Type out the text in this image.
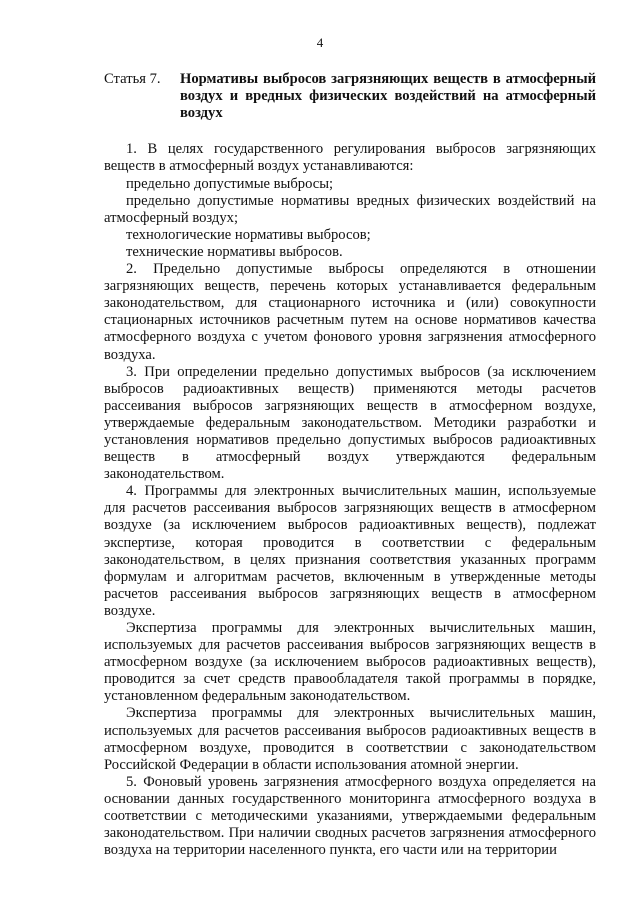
4
Статья 7.	Нормативы выбросов загрязняющих веществ в атмосферный воздух и вредных физических воздействий на атмосферный воздух

1. В целях государственного регулирования выбросов загрязняющих веществ в атмосферный воздух устанавливаются:

предельно допустимые выбросы;

предельно допустимые нормативы вредных физических воздействий на атмосферный воздух;

технологические нормативы выбросов;

технические нормативы выбросов.

2. Предельно допустимые выбросы определяются в отношении загрязняющих веществ, перечень которых устанавливается федеральным законодательством, для стационарного источника и (или) совокупности стационарных источников расчетным путем на основе нормативов качества атмосферного воздуха с учетом фонового уровня загрязнения атмосферного воздуха.

3. При определении предельно допустимых выбросов (за исключением выбросов радиоактивных веществ) применяются методы расчетов рассеивания выбросов загрязняющих веществ в атмосферном воздухе, утверждаемые федеральным законодательством. Методики разработки и установления нормативов предельно допустимых выбросов радиоактивных веществ в атмосферный воздух утверждаются федеральным законодательством.

4. Программы для электронных вычислительных машин, используемые для расчетов рассеивания выбросов загрязняющих веществ в атмосферном воздухе (за исключением выбросов радиоактивных веществ), подлежат экспертизе, которая проводится в соответствии с федеральным законодательством, в целях признания соответствия указанных программ формулам и алгоритмам расчетов, включенным в утвержденные методы расчетов рассеивания выбросов загрязняющих веществ в атмосферном воздухе.

Экспертиза программы для электронных вычислительных машин, используемых для расчетов рассеивания выбросов загрязняющих веществ в атмосферном воздухе (за исключением выбросов радиоактивных веществ), проводится за счет средств правообладателя такой программы в порядке, установленном федеральным законодательством.

Экспертиза программы для электронных вычислительных машин, используемых для расчетов рассеивания выбросов радиоактивных веществ в атмосферном воздухе, проводится в соответствии с законодательством Российской Федерации в области использования атомной энергии.

5. Фоновый уровень загрязнения атмосферного воздуха определяется на основании данных государственного мониторинга атмосферного воздуха в соответствии с методическими указаниями, утверждаемыми федеральным законодательством. При наличии сводных расчетов загрязнения атмосферного воздуха на территории населенного пункта, его части или на территории
